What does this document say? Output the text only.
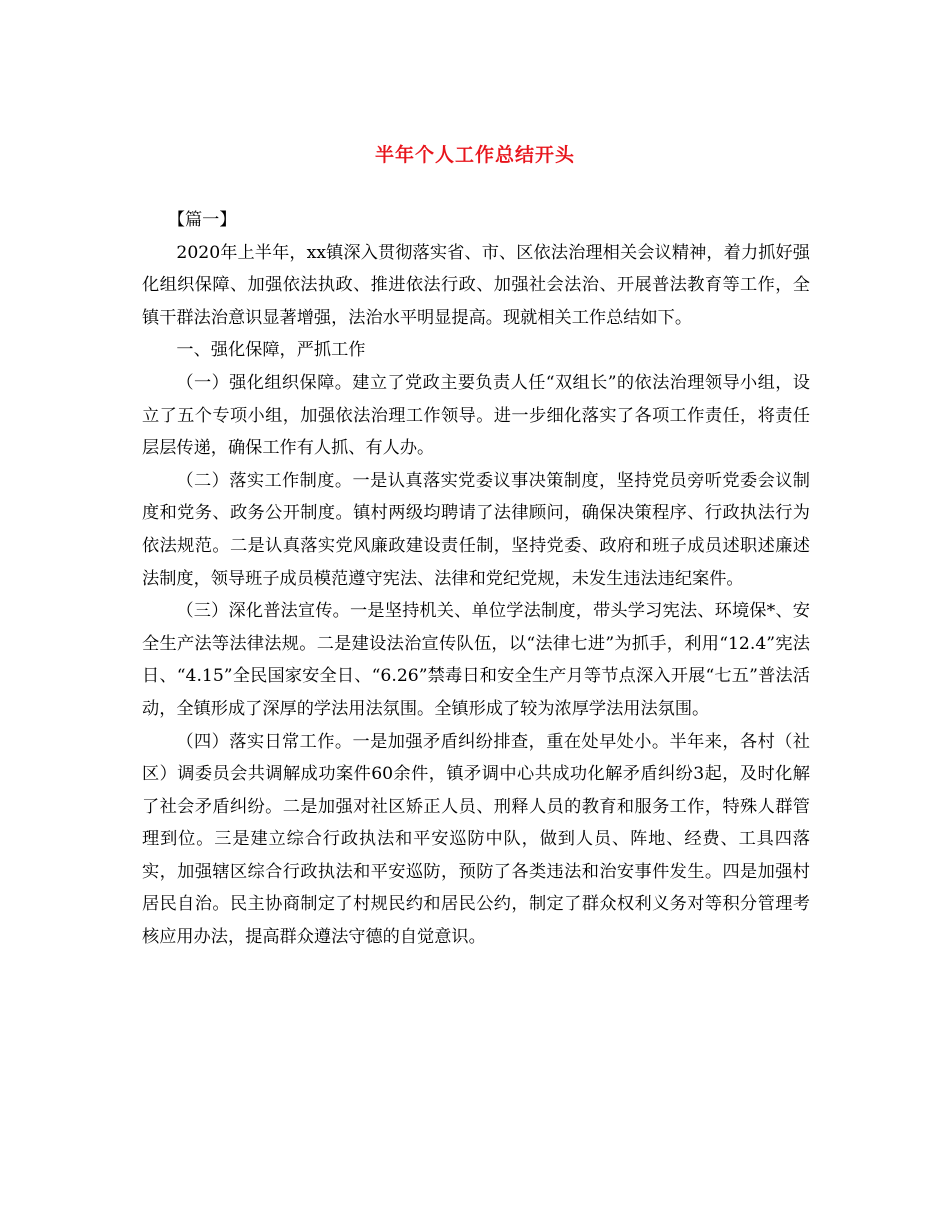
半年个人工作总结开头

【篇一】

2020年上半年，xx镇深入贯彻落实省、市、区依法治理相关会议精神，着力抓好强化组织保障、加强依法执政、推进依法行政、加强社会法治、开展普法教育等工作，全镇干群法治意识显著增强，法治水平明显提高。现就相关工作总结如下。

一、强化保障，严抓工作

（一）强化组织保障。建立了党政主要负责人任“双组长”的依法治理领导小组，设立了五个专项小组，加强依法治理工作领导。进一步细化落实了各项工作责任，将责任层层传递，确保工作有人抓、有人办。

（二）落实工作制度。一是认真落实党委议事决策制度，坚持党员旁听党委会议制度和党务、政务公开制度。镇村两级均聘请了法律顾问，确保决策程序、行政执法行为依法规范。二是认真落实党风廉政建设责任制，坚持党委、政府和班子成员述职述廉述法制度，领导班子成员模范遵守宪法、法律和党纪党规，未发生违法违纪案件。

（三）深化普法宣传。一是坚持机关、单位学法制度，带头学习宪法、环境保*、安全生产法等法律法规。二是建设法治宣传队伍，以“法律七进”为抓手，利用“12.4”宪法日、“4.15”全民国家安全日、“6.26”禁毒日和安全生产月等节点深入开展“七五”普法活动，全镇形成了深厚的学法用法氛围。全镇形成了较为浓厚学法用法氛围。

（四）落实日常工作。一是加强矛盾纠纷排查，重在处早处小。半年来，各村（社区）调委员会共调解成功案件60余件，镇矛调中心共成功化解矛盾纠纷3起，及时化解了社会矛盾纠纷。二是加强对社区矫正人员、刑释人员的教育和服务工作，特殊人群管理到位。三是建立综合行政执法和平安巡防中队，做到人员、阵地、经费、工具四落实，加强辖区综合行政执法和平安巡防，预防了各类违法和治安事件发生。四是加强村居民自治。民主协商制定了村规民约和居民公约，制定了群众权利义务对等积分管理考核应用办法，提高群众遵法守德的自觉意识。
